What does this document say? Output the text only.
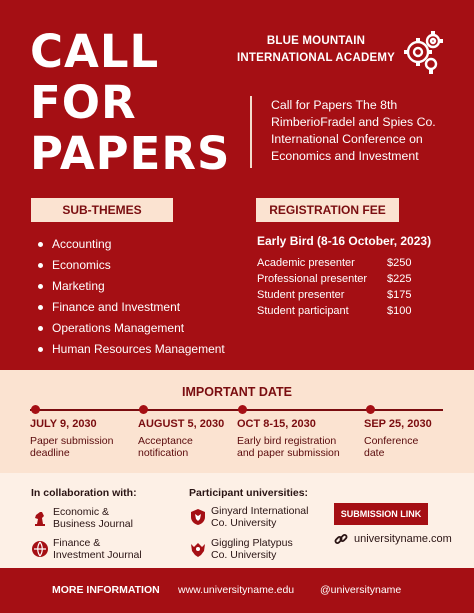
CALL
FOR
PAPERS
BLUE MOUNTAIN
INTERNATIONAL ACADEMY
Call for Papers The 8th RimberioFradel and Spies Co. International Conference on Economics and Investment
SUB-THEMES	REGISTRATION FEE
Accounting
Economics
Marketing
Finance and Investment
Operations Management
Human Resources Management
Early Bird (8-16 October, 2023)
Academic presenter	$250
Professional presenter $225
Student presenter	$175
Student participant	$100
IMPORTANT DATE
JULY 9, 2030
Paper submission
deadline
AUGUST 5, 2030
Acceptance
notification
OCT 8-15, 2030
Early bird registration
and paper submission
SEP 25, 2030
Conference
date
In collaboration with:
Economic &
Business Journal
Finance &
Investment Journal
Participant universities:
Ginyard International
Co. University
Giggling Platypus
Co. University
SUBMISSION LINK
universityname.com
MORE INFORMATION www.universityname.edu @universityname
